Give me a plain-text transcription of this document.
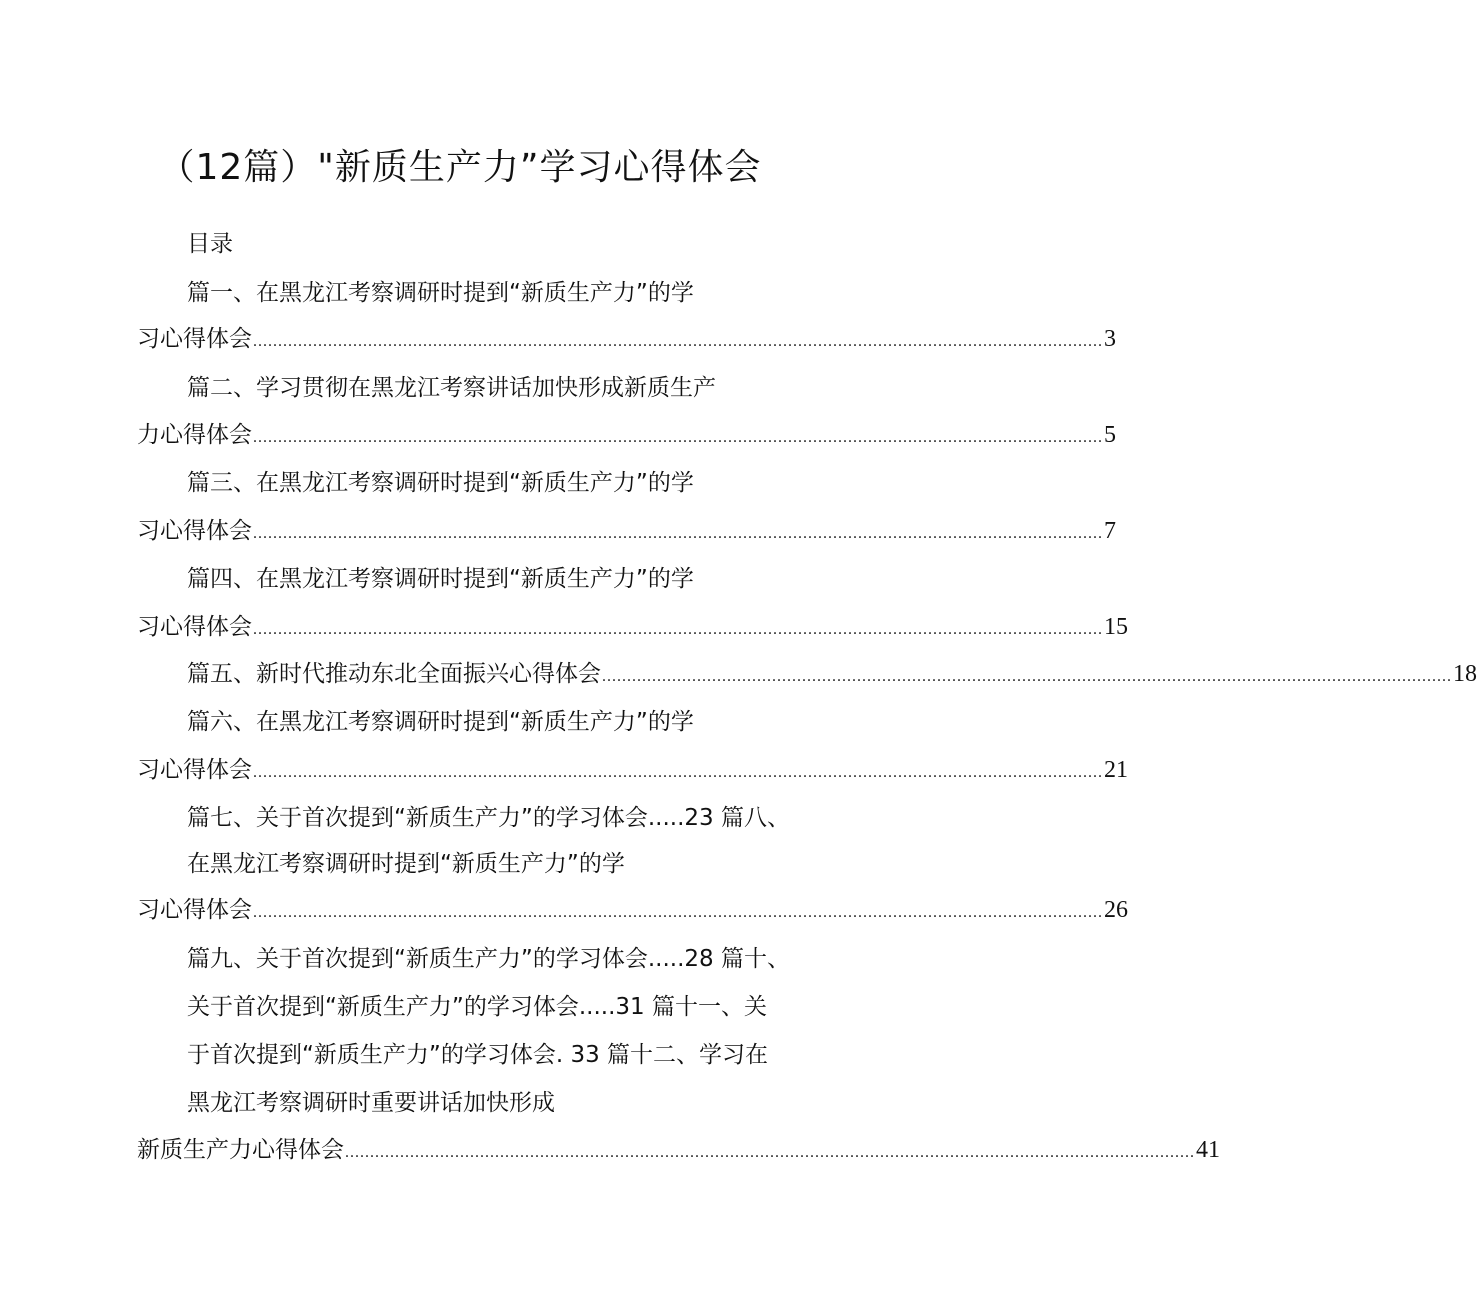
（12篇）"新质生产力”学习心得体会
目录
篇一、在黑龙江考察调研时提到“新质生产力”的学
习心得体会 .......................................................................................................................................................................... 3
篇二、学习贯彻在黑龙江考察讲话加快形成新质生产
力心得体会 .......................................................................................................................................................................... 5
篇三、在黑龙江考察调研时提到“新质生产力”的学
习心得体会 .......................................................................................................................................................................... 7
篇四、在黑龙江考察调研时提到“新质生产力”的学
习心得体会 .......................................................................................................................................................................... 15
篇五、新时代推动东北全面振兴心得体会 .......................................................................................................................................................................... 18
篇六、在黑龙江考察调研时提到“新质生产力”的学
习心得体会 .......................................................................................................................................................................... 21
篇七、关于首次提到“新质生产力”的学习体会.....23 篇八、
在黑龙江考察调研时提到“新质生产力”的学
习心得体会 .......................................................................................................................................................................... 26
篇九、关于首次提到“新质生产力”的学习体会.....28 篇十、
关于首次提到“新质生产力”的学习体会.....31 篇十一、关
于首次提到“新质生产力”的学习体会. 33 篇十二、学习在
黑龙江考察调研时重要讲话加快形成
新质生产力心得体会 .......................................................................................................................................................................... 41
